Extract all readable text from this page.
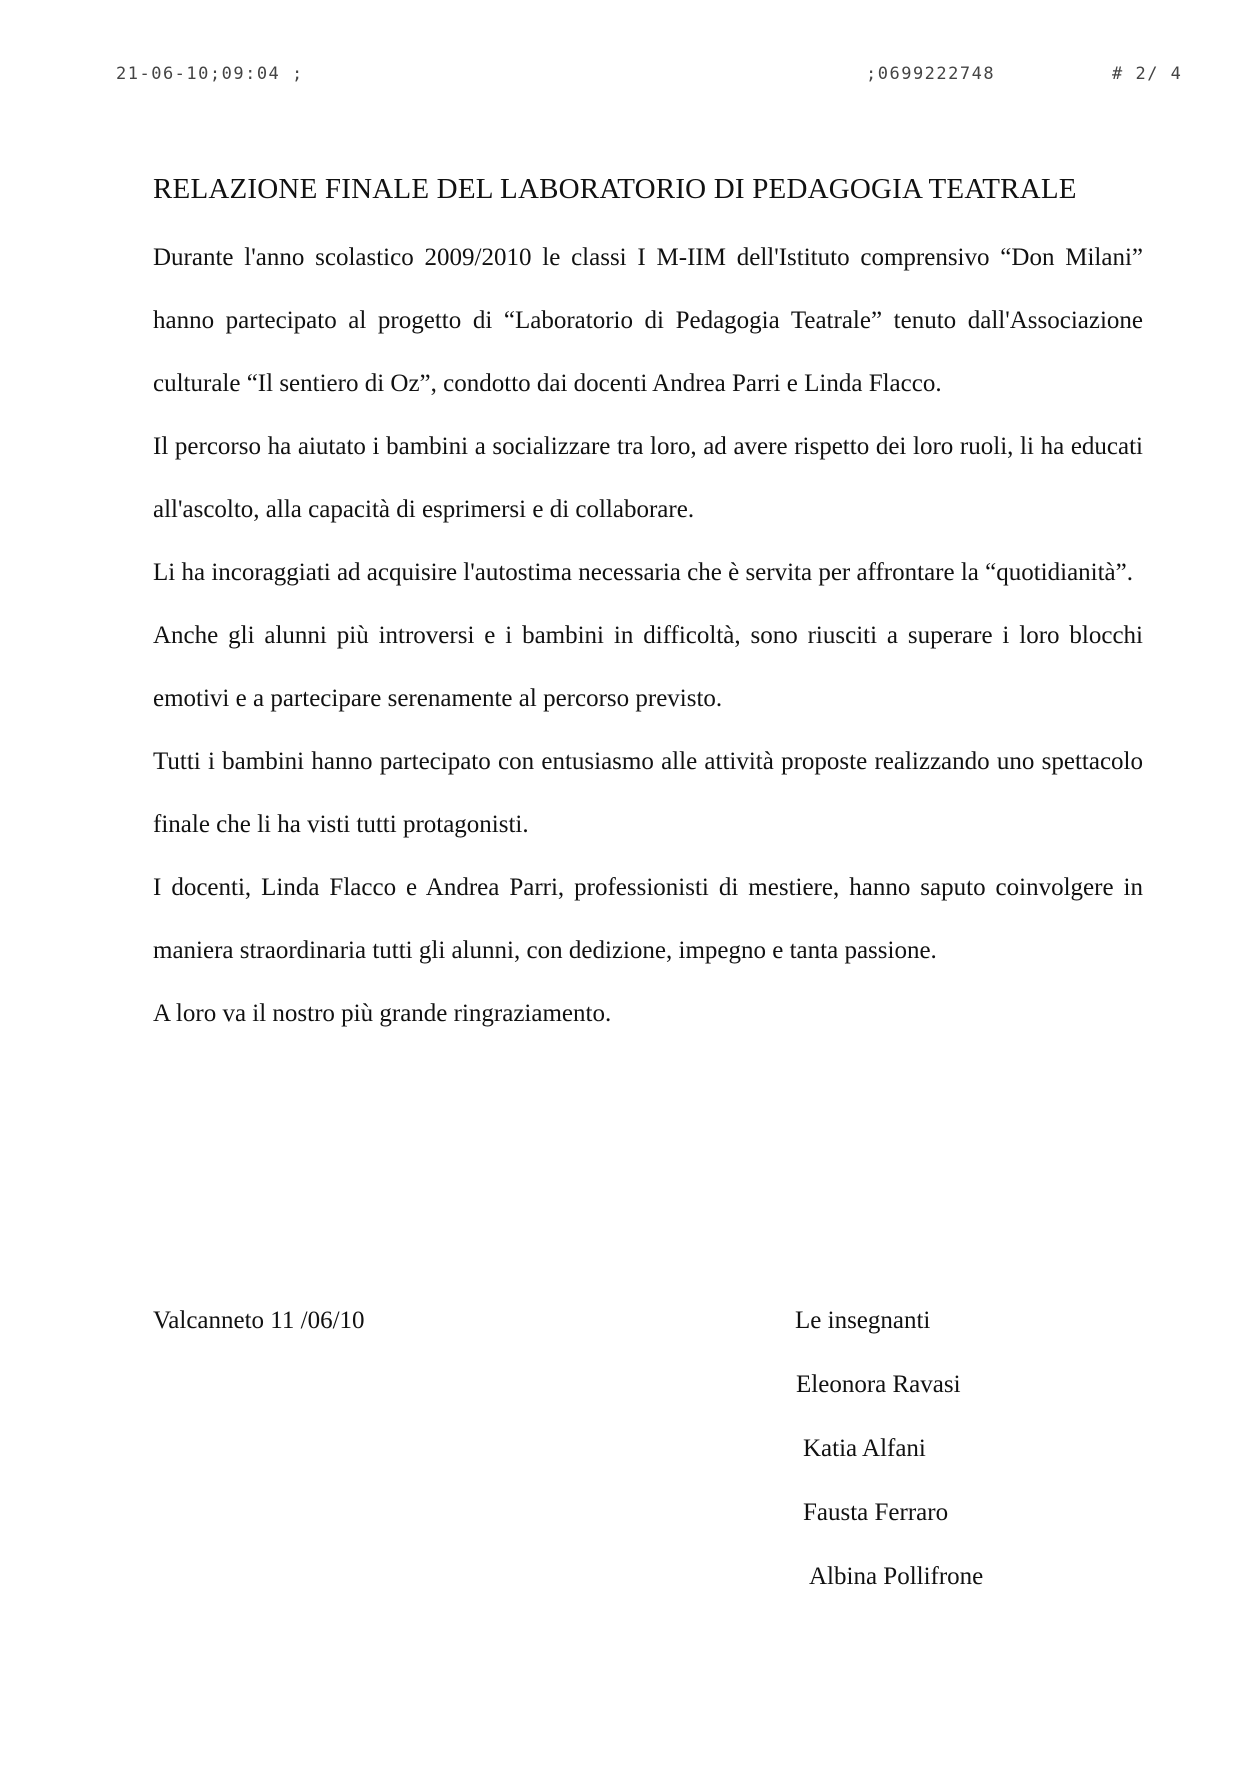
21-06-10;09:04 ;	;0699222748	# 2/ 4
RELAZIONE FINALE DEL LABORATORIO DI PEDAGOGIA TEATRALE

Durante l'anno scolastico 2009/2010 le classi I M-IIM dell'Istituto comprensivo “Don Milani” hanno partecipato al progetto di “Laboratorio di Pedagogia Teatrale” tenuto dall'Associazione culturale “Il sentiero di Oz”, condotto dai docenti Andrea Parri e Linda Flacco.

Il percorso ha aiutato i bambini a socializzare tra loro, ad avere rispetto dei loro ruoli, li ha educati all'ascolto, alla capacità di esprimersi e di collaborare.

Li ha incoraggiati ad acquisire l'autostima necessaria che è servita per affrontare la “quotidianità”.

Anche gli alunni più introversi e i bambini in difficoltà, sono riusciti a superare i loro blocchi emotivi e a partecipare serenamente al percorso previsto.

Tutti i bambini hanno partecipato con entusiasmo alle attività proposte realizzando uno spettacolo finale che li ha visti tutti protagonisti.

I docenti, Linda Flacco e Andrea Parri, professionisti di mestiere, hanno saputo coinvolgere in maniera straordinaria tutti gli alunni, con dedizione, impegno e tanta passione.

A loro va il nostro più grande ringraziamento.

Valcanneto 11 /06/10	Le insegnanti
Eleonora Ravasi
Katia Alfani
Fausta Ferraro
Albina Pollifrone
